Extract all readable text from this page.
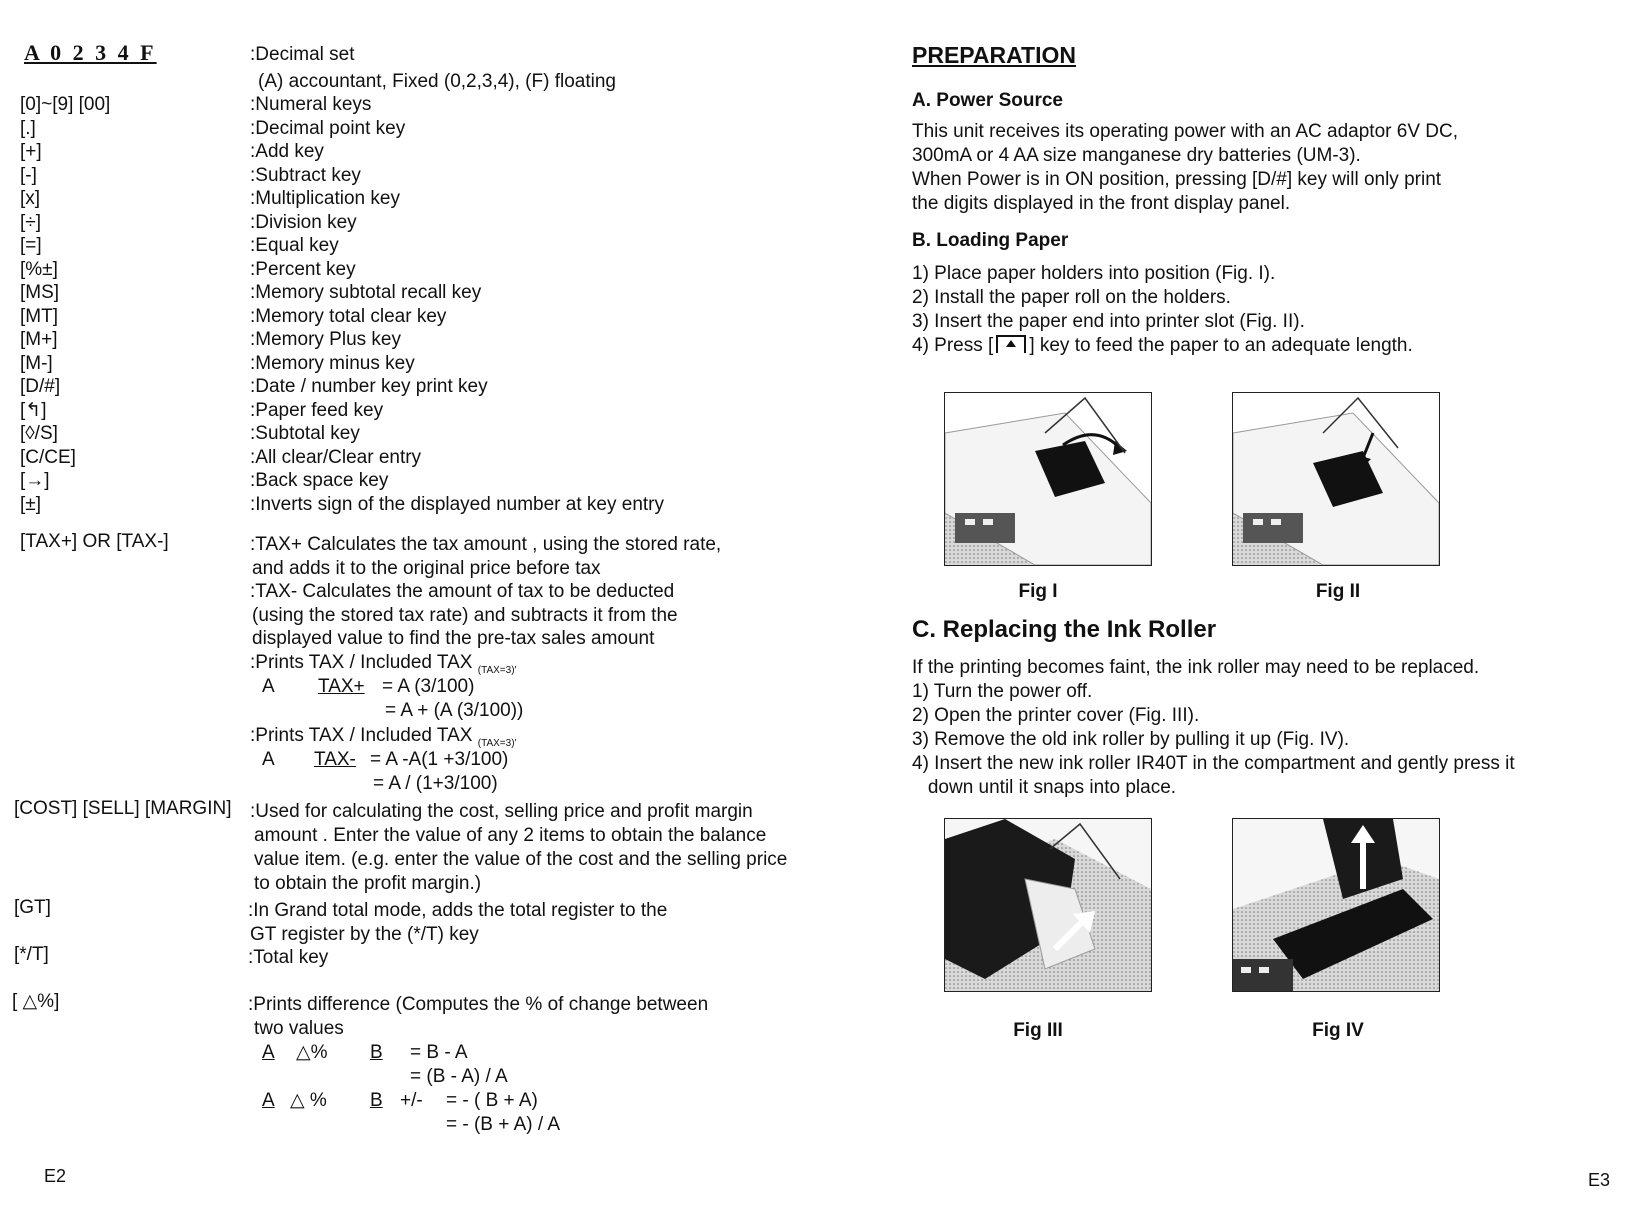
A 0 2 3 4 F	:Decimal set
(A) accountant, Fixed (0,2,3,4), (F) floating
[0]~[9] [00]	:Numeral keys
[.]	:Decimal point key
[+]	:Add key
[-]	:Subtract key
[x]	:Multiplication key
[÷]	:Division key
[=]	:Equal key
[%±]	:Percent key
[MS]	:Memory subtotal recall key
[MT]	:Memory total clear key
[M+]	:Memory Plus key
[M-]	:Memory minus key
[D/#]	:Date / number key print key
[↰]	:Paper feed key
[◊/S]	:Subtotal key
[C/CE]	:All clear/Clear entry
[→]	:Back space key
[±]	:Inverts sign of the displayed number at key entry
[TAX+] OR [TAX-]	:TAX+ Calculates the tax amount , using the stored rate,
and adds it to the original price before tax
:TAX- Calculates the amount of tax to be deducted
(using the stored tax rate) and subtracts it from the
displayed value to find the pre-tax sales amount
:Prints TAX / Included TAX $_{(TAX=3)'}$
A TAX+ = A (3/100)
= A + (A (3/100))
:Prints TAX / Included TAX $_{(TAX=3)'}$
A TAX- = A -A(1 +3/100)
= A / (1+3/100)
[COST] [SELL] [MARGIN] :Used for calculating the cost, selling price and profit margin
amount . Enter the value of any 2 items to obtain the balance
value item. (e.g. enter the value of the cost and the selling price
to obtain the profit margin.)
[GT]	:In Grand total mode, adds the total register to the
GT register by the (*/T) key
[*/T]	:Total key
[ △%]	:Prints difference (Computes the % of change between
two values
A △% B = B - A
= (B - A) / A
A △ % B +/- = - ( B + A)
= - (B + A) / A
E2
PREPARATION
A. Power Source
This unit receives its operating power with an AC adaptor 6V DC,
300mA or 4 AA size manganese dry batteries (UM-3).
When Power is in ON position, pressing [D/#] key will only print
the digits displayed in the front display panel.
B. Loading Paper
1) Place paper holders into position (Fig. I).
2) Install the paper roll on the holders.
3) Insert the paper end into printer slot (Fig. II).
4) Press [ ] key to feed the paper to an adequate length.
Fig I	Fig II
C. Replacing the Ink Roller
If the printing becomes faint, the ink roller may need to be replaced.
1) Turn the power off.
2) Open the printer cover (Fig. III).
3) Remove the old ink roller by pulling it up (Fig. IV).
4) Insert the new ink roller IR40T in the compartment and gently press it
down until it snaps into place.
Fig III	Fig IV
E3
